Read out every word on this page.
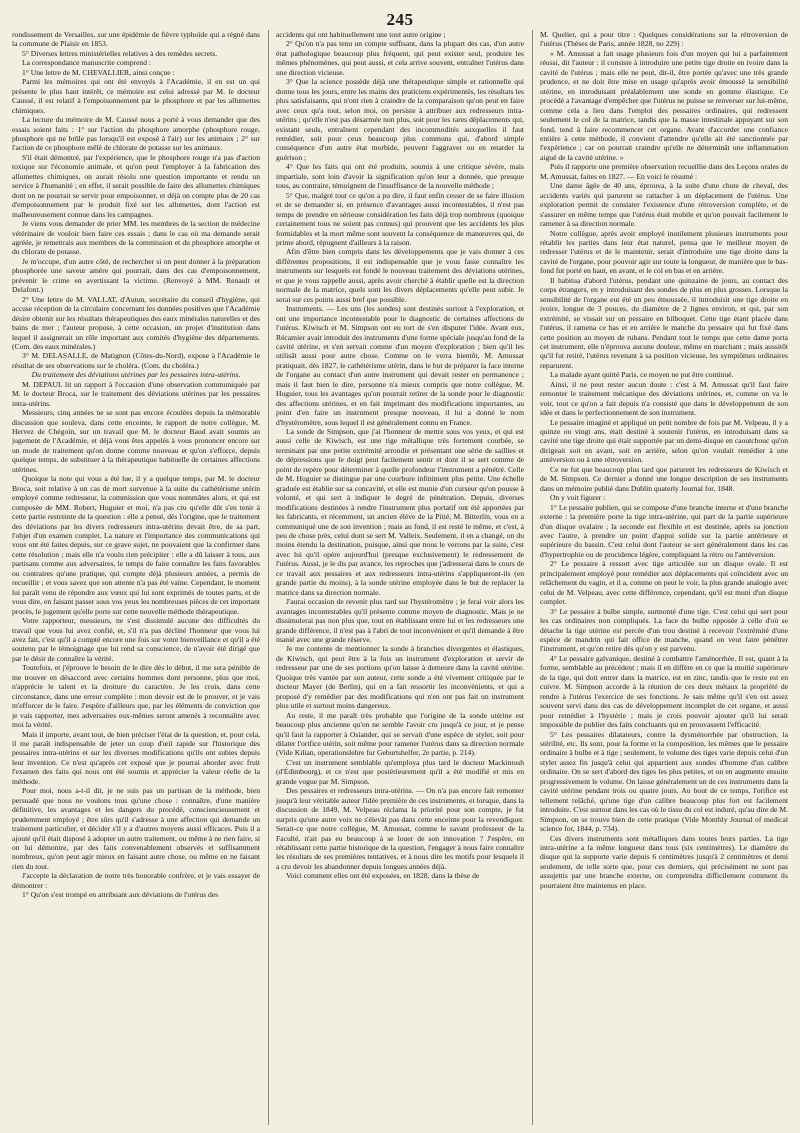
245

rondissement de Versailles, sur une épidémie de fièvre typhoïde qui a régné dans la commune de Plaisir en 1853.

5° Diverses lettres ministérielles relatives à des remèdes secrets.

La correspondance manuscrite comprend :

1° Une lettre de M. CHEVALLIER, ainsi conçue :

Parmi les mémoires qui ont été envoyés à l'Académie, il en est un qui présente le plus haut intérêt, ce mémoire est celui adressé par M. le docteur Caussé, il est relatif à l'empoisonnement par le phosphore et par les allumettes chimiques.

La lecture du mémoire de M. Caussé nous a porté à vous demander que des essais soient faits : 1° sur l'action du phosphore amorphe (phosphore rouge, phosphore qui ne brûle pas lorsqu'il est exposé à l'air) sur les animaux ; 2° sur l'action de ce phosphore mêlé de chlorate de potasse sur les animaux.

S'il était démontré, par l'expérience, que le phosphore rouge n'a pas d'action toxique sur l'économie animale, et qu'on peut l'employer à la fabrication des allumettes chimiques, on aurait résolu une question importante et rendu un service à l'humanité ; en effet, il serait possible de faire des allumettes chimiques dont on ne pourrait se servir pour empoisonner, et déjà on compte plus de 20 cas d'empoisonnement par le produit fixé sur les allumettes, dont l'action est malheureusement connue dans les campagnes.

Je viens vous demander de prier MM. les membres de la section de médecine vétérinaire de vouloir bien faire ces essais ; dans le cas où ma demande serait agréée, je remettrais aux membres de la commission et du phosphore amorphe et du chlorate de potasse.

Je m'occupe, d'un autre côté, de rechercher si on peut donner à la préparation phosphorée une saveur amère qui pourrait, dans des cas d'empoisonnement, prévenir le crime en avertissant la victime. (Renvoyé à MM. Renault et Delafont.)

2° Une lettre de M. VALLAT, d'Autun, secrétaire du conseil d'hygiène, qui accuse réception de la circulaire concernant les données positives que l'Académie désire obtenir sur les résultats thérapeutiques des eaux minérales naturelles et des bains de mer ; l'auteur propose, à cette occasion, un projet d'institution dans lequel il assignerait un rôle important aux comités d'hygiène des départements. (Com. des eaux minérales.)

3° M. DELASALLE, de Matignon (Côtes-du-Nord), expose à l'Académie le résultat de ses observations sur le choléra. (Com. du choléra.)

Du traitement des déviations utérines par les pessaires intra-utérins.

M. DEPAUL lit un rapport à l'occasion d'une observation communiquée par M. le docteur Broca, sur le traitement des déviations utérines par les pessaires intra-utérins.

Messieurs, cinq années ne se sont pas encore écoulées depuis la mémorable discussion que souleva, dans cette enceinte, le rapport de notre collègue, M. Hervez de Chégoin, sur un travail que M. le docteur Baud avait soumis au jugement de l'Académie, et déjà vous êtes appelés à vous prononcer encore sur un mode de traitement qu'on donne comme nouveau et qu'on s'efforce, depuis quelque temps, de substituer à la thérapeutique habituelle de certaines affections utérines.

Quoique la note qui vous a été lue, il y a quelque temps, par M. le docteur Broca, soit relative à un cas de mort survenue à la suite du cathétérisme utérin employé comme redresseur, la commission que vous nommâtes alors, et qui est composée de MM. Robert, Huguier et moi, n'a pas cru qu'elle dût s'en tenir à cette partie restreinte de la question : elle a pensé, dès l'origine, que le traitement des déviations par les divers redresseurs intra-utérins devait être, de sa part, l'objet d'un examen complet. La nature et l'importance des communications qui vous ont été faites depuis, sur ce grave sujet, ne pouvaient que la confirmer dans cette résolution ; mais elle n'a voulu rien précipiter : elle a dû laisser à tous, aux partisans comme aux adversaires, le temps de faire connaître les faits favorables ou contraires qu'une pratique, qui compte déjà plusieurs années, a permis de recueillir ; et vous savez que son attente n'a pas été vaine. Cependant, le moment lui paraît venu de répondre aux vœux qui lui sont exprimés de toutes parts, et de vous dire, en faisant passer sous vos yeux les nombreuses pièces de cet important procès, le jugement qu'elle porte sur cette nouvelle méthode thérapeutique.

Votre rapporteur, messieurs, ne s'est dissimulé aucune des difficultés du travail que vous lui avez confié, et, s'il n'a pas décliné l'honneur que vous lui avez fait, c'est qu'il a compté encore une fois sur votre bienveillance et qu'il a été soutenu par le témoignage que lui rend sa conscience, de n'avoir été dirigé que par le désir de connaître la vérité.

Toutefois, et j'éprouve le besoin de le dire dès le début, il me sera pénible de me trouver en désaccord avec certains hommes dont personne, plus que moi, n'apprécie le talent et la droiture du caractère. Je les crois, dans cette circonstance, dans une erreur complète : mon devoir est de le prouver, et je vais m'efforcer de le faire. J'espère d'ailleurs que, par les éléments de conviction que je vais rapporter, mes adversaires eux-mêmes seront amenés à reconnaître avec moi la vérité.

Mais il importe, avant tout, de bien préciser l'état de la question, et, pour cela, il me paraît indispensable de jeter un coup d'œil rapide sur l'historique des pessaires intra-utérins et sur les diverses modifications qu'ils ont subies depuis leur invention. Ce n'est qu'après cet exposé que je pourrai aborder avec fruit l'examen des faits qui nous ont été soumis et apprécier la valeur réelle de la méthode.

Pour moi, nous a-t-il dit, je ne suis pas un partisan de la méthode, bien persuadé que nous ne voulons tous qu'une chose : connaître, d'une manière définitive, les avantages et les dangers du procédé, consciencieusement et prudemment employé ; être sûrs qu'il s'adresse à une affection qui demande un traitement particulier, et décider s'il y a d'autres moyens aussi efficaces. Puis il a ajouté qu'il était disposé à adopter un autre traitement, ou même à ne rien faire, si on lui démontre, par des faits convenablement observés et suffisamment nombreux, qu'on peut agir mieux en faisant autre chose, ou même en ne faisant rien du tout.

J'accepte la déclaration de notre très honorable confrère, et je vais essayer de démontrer :

1° Qu'on s'est trompé en attribuant aux déviations de l'utérus des

accidents qui ont habituellement une tout autre origine ;

2° Qu'on n'a pas tenu un compte suffisant, dans la plupart des cas, d'un autre état pathologique beaucoup plus fréquent, qui peut exister seul, produire les mêmes phénomènes, qui peut aussi, et cela arrive souvent, entraîner l'utérus dans une direction vicieuse.

3° Que la science possède déjà une thérapeutique simple et rationnelle qui donne tous les jours, entre les mains des praticiens expérimentés, les résultats les plus satisfaisants, qui n'ont rien à craindre de la comparaison qu'on peut en faire avec ceux qu'a tout, selon moi, on persiste à attribuer aux redresseurs intra-utérins ; qu'elle n'est pas désarmée non plus, soit pour les rares déplacements qui, existant seuls, entraînent cependant des incommodités auxquelles il faut remédier, soit pour ceux beaucoup plus communs qui, d'abord simple conséquence d'un autre état morbide, peuvent l'aggraver ou en retarder la guérison ;

4° Que les faits qui ont été produits, soumis à une critique sévère, mais impartiale, sont loin d'avoir la signification qu'on leur a donnée, que presque tous, au contraire, témoignent de l'insuffisance de la nouvelle méthode ;

5° Que, malgré tout ce qu'on a pu dire, il faut enfin cesser de se faire illusion et de se demander si, en présence d'avantages aussi incontestables, il n'est pas temps de prendre en sérieuse considération les faits déjà trop nombreux (quoique certainement tous ne soient pas connus) qui prouvent que les accidents les plus formidables et la mort même sont souvent la conséquence de manœuvres qui, de prime abord, répugnent d'ailleurs à la raison.

Afin d'être bien compris dans les développements que je vais donner à ces différentes propositions, il est indispensable que je vous fasse connaître les instruments sur lesquels est fondé le nouveau traitement des déviations utérines, et que je vous rappelle aussi, après avoir cherché à établir quelle est la direction normale de la matrice, quels sont les divers déplacements qu'elle peut subir. Je serai sur ces points aussi bref que possible.

Instruments. — Les uns (les sondes) sont destinés surtout à l'exploration, et ont une importance incontestable pour le diagnostic de certaines affections de l'utérus. Kiwisch et M. Simpson ont eu tort de s'en disputer l'idée. Avant eux, Récamier avait introduit des instruments d'une forme spéciale jusqu'au fond de la cavité utérine, et s'en servait comme d'un moyen d'exploration ; bien qu'il les utilisât aussi pour autre chose. Comme on le verra bientôt, M. Amussat pratiquait, dès 1827, le cathétérisme utérin, dans le but de préparer la face interne de l'organe au contact d'un autre instrument qui devait rester en permanence ; mais il faut bien le dire, personne n'a mieux compris que notre collègue, M. Huguier, tous les avantages qu'on pourrait retirer de la sonde pour le diagnostic des affections utérines, et en fait imprimant des modifications importantes, au point d'en faire un instrument presque nouveau, il lui a donné le nom d'hystéromètre, sous lequel il est généralement connu en France.

La sonde de Simpson, que j'ai l'honneur de mettre sous vos yeux, et qui est aussi celle de Kiwisch, est une tige métallique très fortement courbée, se terminant par une petite extrémité arrondie et présentant une série de saillies et de dépressions que le doigt peut facilement sentir et dont il se sert comme de point de repère pour déterminer à quelle profondeur l'instrument a pénétré. Celle de M. Huguier se distingue par une courbure infiniment plus petite. Une échelle graduée est établie sur sa concavité, et elle est munie d'un curseur qu'on pousse à volonté, et qui sert à indiquer le degré de pénétration. Depuis, diverses modifications destinées à rendre l'instrument plus portatif ont été apportées par les fabricants, et récemment, un ancien élève de la Pitié, M. Bitterlin, vous en a communiqué une de son invention ; mais au fond, il est resté le même, et c'est, à peu de chose près, celui dont se sert M. Valleix. Seulement, il en a changé, on du moins étendu la destination, puisque, ainsi que nous le verrons par la suite, c'est avec lui qu'il opère aujourd'hui (presque exclusivement) le redressement de l'utérus. Aussi, je le dis par avance, les reproches que j'adresserai dans le cours de ce travail aux pessaires et aux redresseurs intra-utérins s'appliqueront-ils (en grande partie du moins), à la sonde utérine employée dans le but de replacer la matrice dans sa direction normale.

J'aurai occasion de revenir plus tard sur l'hystéromètre ; je ferai voir alors les avantages incontestables qu'il présente comme moyen de diagnostic. Mais je ne dissimulerai pas non plus que, tout en établissant entre lui et les redresseurs une grande différence, il n'est pas à l'abri de tout inconvénient et qu'il demande à être manié avec une grande réserve.

Je me contente de mentionner la sonde à branches divergentes et élastiques, de Kiwisch, qui peut être à la fois un instrument d'exploration et servir de redresseur par une de ses portions qu'on laisse à demeure dans la cavité utérine. Quoique très vantée par son auteur, cette sonde a été vivement critiquée par le docteur Mayer (de Berlin), qui en a fait ressortir les inconvénients, et qui a proposé d'y remédier par des modifications qui n'en ont pas fait un instrument plus utile et surtout moins dangereux.

Au reste, il me paraît très probable que l'origine de la sonde utérine est beaucoup plus ancienne qu'on ne semble l'avoir cru jusqu'à ce jour, et je pense qu'il faut la rapporter à Osiander, qui se servait d'une espèce de stylet, soit pour dilater l'orifice utérin, soit même pour ramener l'utérus dans sa direction normale (Vide Kilian, operationslehre fur Geburtshelfer, 2e partie, p. 214).

C'est un instrument semblable qu'employa plus tard le docteur Mackintosh (d'Édimbourg), et ce n'est que postérieurement qu'il a été modifié et mis en grande vogue par M. Simpson.

Des pessaires et redresseurs intra-utérins. — On n'a pas encore fait remonter jusqu'à leur véritable auteur l'idée première de ces instruments, et lorsque, dans la discussion de 1849, M. Velpeau réclama la priorité pour son compte, je fut surpris qu'une autre voix ne s'élevât pas dans cette enceinte pour la revendiquer. Serait-ce que notre collègue, M. Amussat, comme le savant professeur de la Faculté, n'ait pas eu beaucoup à se louer de son innovation ? J'espère, en rétablissant cette partie historique de la question, l'engager à nous faire connaître les résultats de ses premières tentatives, et à nous dire les motifs pour lesquels il a cru devoir les abandonner depuis longues années déjà.

Voici comment elles ont été exposées, en 1828, dans la thèse de

M. Quelier, qui a pour titre : Quelques considérations sur la rétroversion de l'utérus (Thèses de Paris, année 1828, no 229) :

« M. Amussat a fait usage plusieurs fois d'un moyen qui lui a parfaitement réussi, dit l'auteur : il consiste à introduire une petite tige droite en ivoire dans la cavité de l'utérus ; mais elle ne peut, dit-il, être portée qu'avec une très grande prudence, et ne doit être mise en usage qu'après avoir émoussé la sensibilité utérine, en introduisant préalablement une sonde en gomme élastique. Ce procédé a l'avantage d'empêcher que l'utérus ne puisse se renverser sur lui-même, comme cela a lieu dans l'emploi des pessaires ordinaires, qui redressent seulement le col de la matrice, tandis que la masse intestinale appuyant sur son fond, tend à faire recommencer cet organe. Avant d'accorder une confiance entière à cette méthode, il convient d'attendre qu'elle ait été sanctionnée par l'expérience ; car on pourrait craindre qu'elle ne déterminât une inflammation aiguë de la cavité utérine. »

Puis il rapporte une première observation recueillie dans des Leçons orales de M. Amussat, faites en 1827. — En voici le résumé :

Une dame âgée de 40 ans, éprouva, à la suite d'une chute de cheval, des accidents variés qui parurent se rattacher à un déplacement de l'utérus. Une exploration permit de constater l'existence d'une rétroversion complète, et de s'assurer en même temps que l'utérus était mobile et qu'on pouvait facilement le ramener à sa direction normale.

Notre collègue, après avoir employé inutilement plusieurs instruments pour rétablir les parties dans leur état naturel, pensa que le meilleur moyen de redresser l'utérus et de le maintenir, serait d'introduire une tige droite dans la cavité de l'organe, pour pouvoir agir sur toute la longueur, de manière que le bas-fond fut porté en haut, en avant, et le col en bas et en arrière.

Il habitua d'abord l'utérus, pendant une quinzaine de jours, au contact des corps étrangers, en y introduisant des sondes de plus en plus grosses. Lorsque la sensibilité de l'organe eut été un peu émoussée, il introduisit une tige droite en ivoire, longue de 3 pouces, du diamètre de 2 lignes environ, et qui, par son extrémité, se vissait sur un pessaire en bilboquet. Cette tige étant placée dans l'utérus, il ramena ce bas et en arrière le manche du pessaire qui fut fixé dans cette position au moyen de rubans. Pendant tout le temps que cette dame porta cet instrument, elle n'éprouva aucune douleur, même en marchant ; mais aussitôt qu'il fut retiré, l'utérus revenant à sa position vicieuse, les symptômes ordinaires reparurent.

La malade ayant quitté Paris, ce moyen ne put être continué.

Ainsi, il ne peut rester aucun doute : c'est à M. Amussat qu'il faut faire remonter le traitement mécanique des déviations utérines, et, comme on va le voir, tout ce qu'on a fait depuis n'a consisté que dans le développement de son idée et dans le perfectionnement de son instrument.

Le pessaire imaginé et appliqué un petit nombre de fois par M. Velpeau, il y a quinze ou vingt ans, était destiné à soutenir l'utérus, en introduisant dans sa cavité une tige droite qui était supportée par un demi-disque en caoutchouc qu'on dirigeait soit en avant, soit en arrière, selon qu'on voulait remédier à une antéversion ou à une rétroversion.

Ce ne fut que beaucoup plus tard que parurent les redresseurs de Kiwisch et de M. Simpson. Ce dernier a donné une longue description de ses instruments dans un mémoire publié dans Dublin quaterly Journal for, 1848.

On y voit figurer :

1° Le pessaire publien, qui se compose d'une branche interne et d'une branche externe : la première porte la tige intra-utérine, qui part de la partie supérieure d'un disque ovalaire ; la seconde est flexible et est destinée, après sa jonction avec l'autre, à prendre un point d'appui solide sur la partie antérieure et supérieure du bassin. C'est celui dont l'auteur se sert généralement dans les cas d'hypertrophie ou de procidence légère, compliquant la rétro ou l'antéversion.

2° Le pessaire à ressort avec tige articulée sur un disque ovale. Il est principalement employé pour remédier aux déplacements qui coïncident avec un relâchement du vagin, et il a, comme on peut le voir, la plus grande analogie avec celui de M. Velpeau, avec cette différence, cependant, qu'il est muni d'un disque complet.

3° Le pessaire à bulbe simple, surmonté d'une tige. C'est celui qui sert pour les cas ordinaires non compliqués. La face du bulbe opposée à celle d'où se détache la tige utérine est percée d'un trou destiné à recevoir l'extrémité d'une espèce de mandrin qui fait office de manche, quand on veut faire pénétrer l'instrument, et qu'on retire dès qu'on y est parvenu.

4° Le pessaire galvanique, destiné à combattre l'aménorrhée. Il est, quant à la forme, semblable au précédent ; mais il en diffère en ce que la moitié supérieure de la tige, qui doit entrer dans la matrice, est en zinc, tandis que le reste est en cuivre. M. Simpson accorde à la réunion de ces deux métaux la propriété de rendre à l'utérus l'exercice de ses fonctions. Je sais même qu'il s'en est assez souvent servi dans des cas de développement incomplet de cet organe, et aussi pour remédier à l'hystérie ; mais je crois pouvoir ajouter qu'il lui serait impossible de publier des faits concluants qui en prouvassent l'efficacité.

5° Les pessaires dilatateurs, contre la dysménorrhée par obstruction, la stérilité, etc. Ils sont, pour la forme et la composition, les mêmes que le pessaire ordinaire à bulbe et à tige ; seulement, le volume des tiges varie depuis celui d'un stylet assez fin jusqu'à celui qui appartient aux sondes d'homme d'un calibre ordinaire. On se sert d'abord des tiges les plus petites, et on en augmente ensuite progressivement le volume. On laisse généralement un de ces instruments dans la cavité utérine pendant trois ou quatre jours. Au bout de ce temps, l'orifice est tellement relâché, qu'une tige d'un calibre beaucoup plus fort est facilement introduite. C'est surtout dans les cas où le tissu du col est induré, qu'au dire de M. Simpson, on se trouve bien de cette pratique (Vide Monthly Journal of medical science for, 1844, p. 734).

Ces divers instruments sont métalliques dans toutes leurs parties. La tige intra-utérine a la même longueur dans tous (six centimètres). Le diamètre du disque qui la supporte varie depuis 6 centimètres jusqu'à 2 centimètres et demi seulement, de telle sorte que, pour ces derniers, qui précisément ne sont pas assujettis par une branche externe, on comprendra difficilement comment ils pourraient être maintenus en place.
